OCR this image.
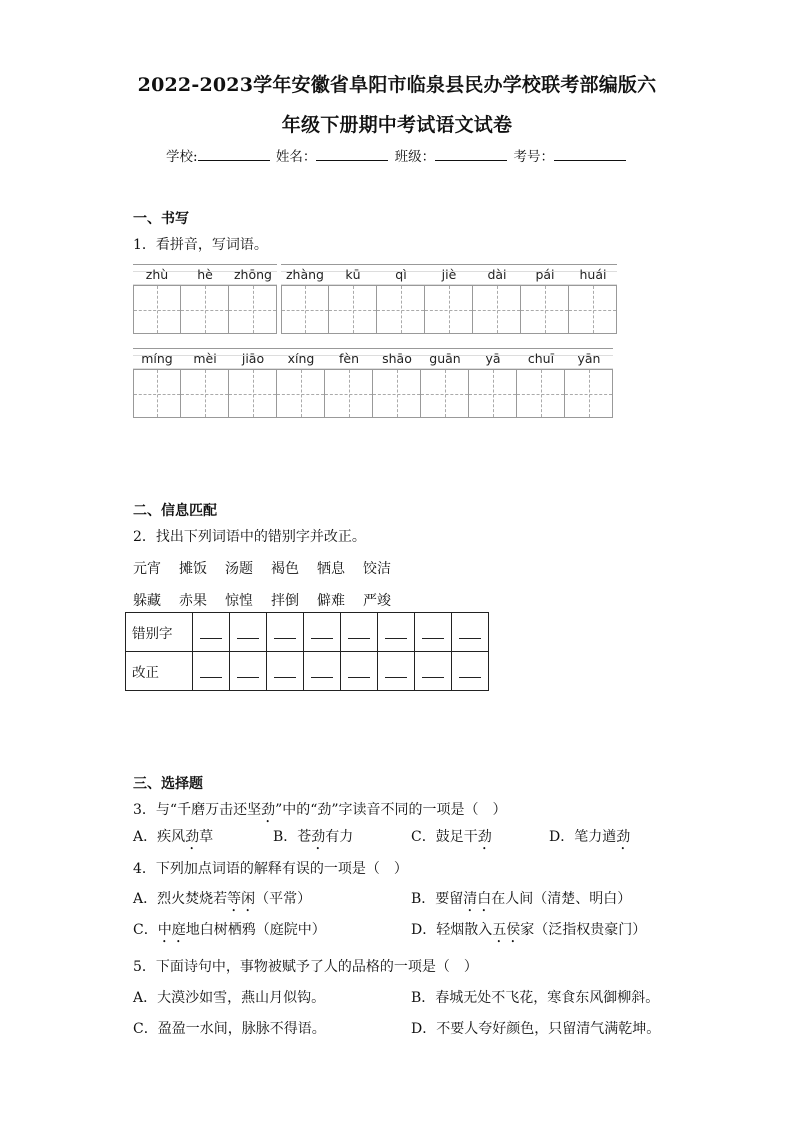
2022-2023学年安徽省阜阳市临泉县民办学校联考部编版六
年级下册期中考试语文试卷
学校:	姓名：	班级：	考号：
一、书写
1．看拼音，写词语。
zhù	hè	zhōng	zhàng	kū	qì	jiè	dài	pái	huái
míng	mèi	jiāo	xíng	fèn	shāo	guān	yā	chuī	yān
二、信息匹配
2．找出下列词语中的错别字并改正。
元宵 摊饭 汤题 褐色 牺息 饺洁
躲藏 赤果 惊惶 拌倒 僻难 严竣
错别字								
改正								
三、选择题
3．与“千磨万击还坚劲”中的“劲”字读音不同的一项是（　）
A．疾风劲草	B．苍劲有力	C．鼓足干劲	D．笔力遒劲
4．下列加点词语的解释有误的一项是（　）
A．烈火焚烧若等闲（平常）	B．要留清白在人间（清楚、明白）
C．中庭地白树栖鸦（庭院中）	D．轻烟散入五侯家（泛指权贵豪门）
5．下面诗句中，事物被赋予了人的品格的一项是（　）
A．大漠沙如雪，燕山月似钩。	B．春城无处不飞花，寒食东风御柳斜。
C．盈盈一水间，脉脉不得语。	D．不要人夸好颜色，只留清气满乾坤。
